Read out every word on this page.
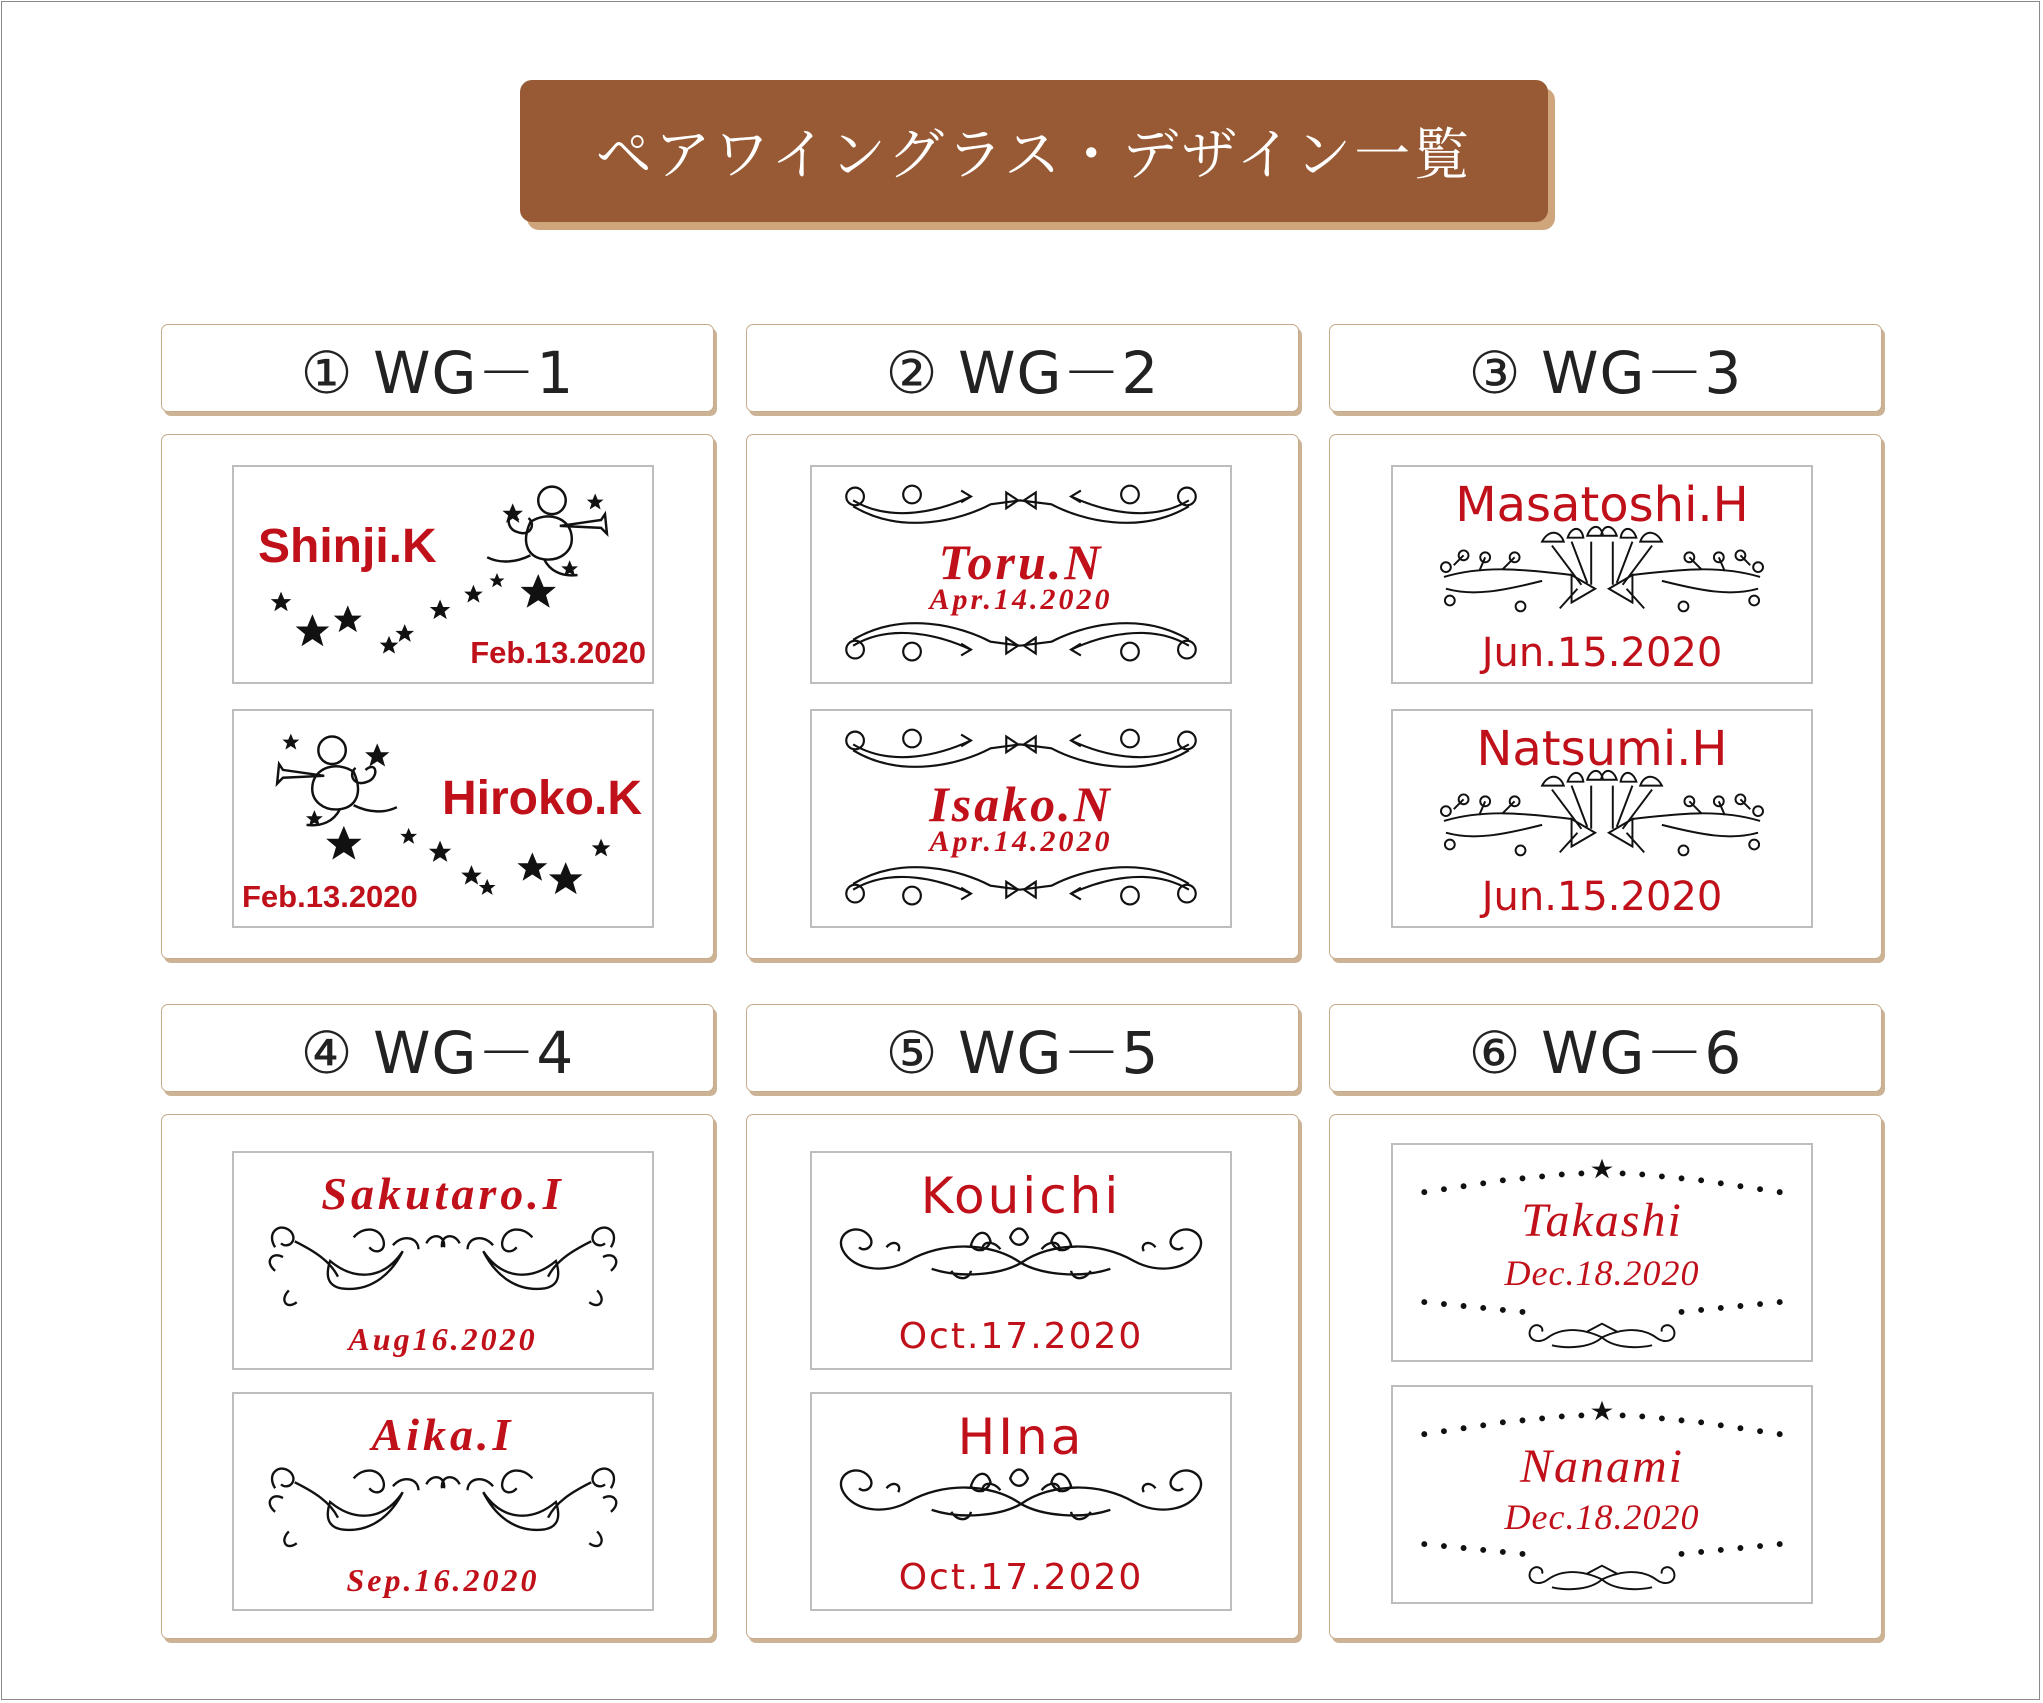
ペアワイングラス・デザイン一覧
① WG－1	② WG－2	③ WG－3
Shinji.K
Feb.13.2020
Hiroko.K
Feb.13.2020
Toru.N
Apr.14.2020
Isako.N
Apr.14.2020
Masatoshi.H
Jun.15.2020
Natsumi.H
Jun.15.2020
④ WG－4	⑤ WG－5	⑥ WG－6
Sakutaro.I
Aug16.2020
Aika.I
Sep.16.2020
Kouichi
Oct.17.2020
HIna
Oct.17.2020
Takashi
Dec.18.2020
Nanami
Dec.18.2020
